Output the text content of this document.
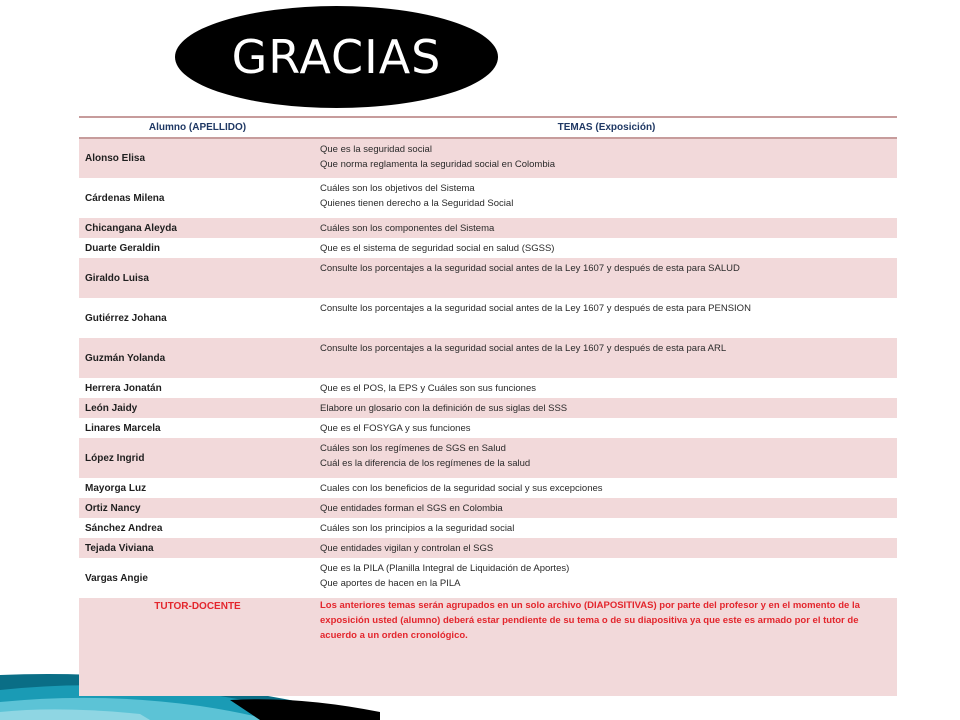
GRACIAS
Alumno (APELLIDO)	TEMAS (Exposición)
Alonso Elisa	Que es la seguridad social
Que norma reglamenta la seguridad social en Colombia

Cárdenas Milena	Cuáles son los objetivos del Sistema
Quienes tienen derecho a la Seguridad Social

Chicangana Aleyda	Cuáles son los componentes del Sistema

Duarte Geraldin	Que es el sistema de seguridad social en salud (SGSS)

Giraldo Luisa	Consulte los porcentajes a la seguridad social antes de la Ley 1607 y después de esta para SALUD

Gutiérrez Johana	Consulte los porcentajes a la seguridad social antes de la Ley 1607 y después de esta para PENSION

Guzmán Yolanda	Consulte los porcentajes a la seguridad social antes de la Ley 1607 y después de esta para ARL

Herrera Jonatán	Que es el POS, la EPS y Cuáles son sus funciones

León Jaidy	Elabore un glosario con la definición de sus siglas del SSS

Linares Marcela	Que es el FOSYGA y sus funciones

López Ingrid	Cuáles son los regímenes de SGS en Salud
Cuál es la diferencia de los regímenes de la salud

Mayorga Luz	Cuales con los beneficios de la seguridad social y sus excepciones

Ortiz Nancy	Que entidades forman el SGS en Colombia

Sánchez Andrea	Cuáles son los principios a la seguridad social

Tejada Viviana	Que entidades vigilan y controlan el SGS

Vargas Angie	Que es la PILA (Planilla Integral de Liquidación de Aportes)
Que aportes de hacen en la PILA

TUTOR-DOCENTE	Los anteriores temas serán agrupados en un solo archivo (DIAPOSITIVAS) por parte del profesor y en el momento de la exposición usted (alumno) deberá estar pendiente de su tema o de su diapositiva ya que este es armado por el tutor de acuerdo a un orden cronológico.
